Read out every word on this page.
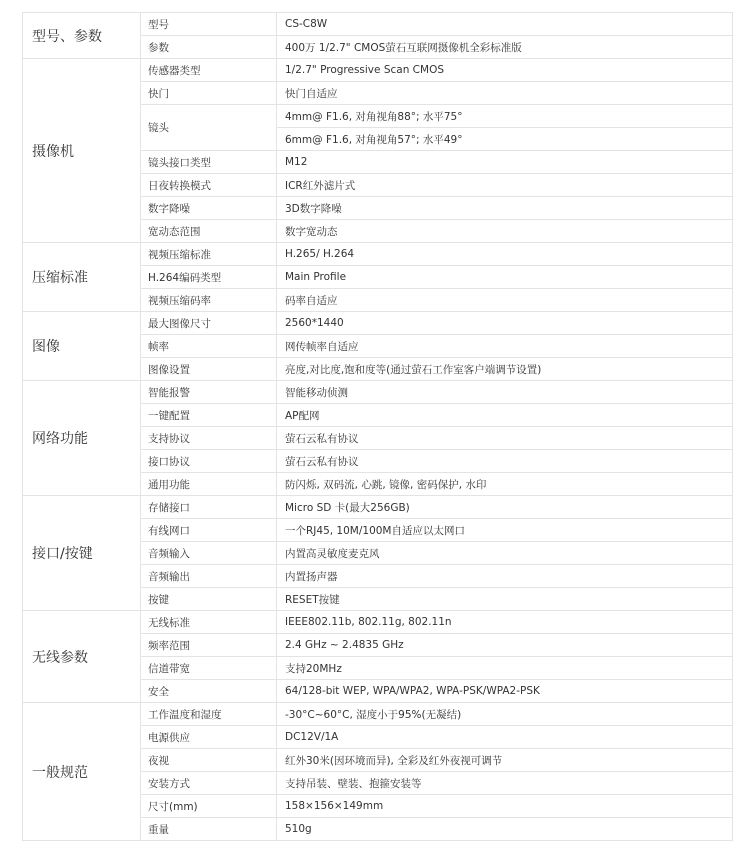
型号、参数	型号	CS-C8W
	参数	400万 1/2.7" CMOS萤石互联网摄像机全彩标准版
摄像机	传感器类型	1/2.7" Progressive Scan CMOS
	快门	快门自适应
	镜头	4mm@ F1.6, 对角视角88°; 水平75°
		6mm@ F1.6, 对角视角57°; 水平49°
	镜头接口类型	M12
	日夜转换模式	ICR红外滤片式
	数字降噪	3D数字降噪
	宽动态范围	数字宽动态
压缩标准	视频压缩标准	H.265/ H.264
	H.264编码类型	Main Profile
	视频压缩码率	码率自适应
图像	最大图像尺寸	2560*1440
	帧率	网传帧率自适应
	图像设置	亮度,对比度,饱和度等(通过萤石工作室客户端调节设置)
网络功能	智能报警	智能移动侦测
	一键配置	AP配网
	支持协议	萤石云私有协议
	接口协议	萤石云私有协议
	通用功能	防闪烁, 双码流, 心跳, 镜像, 密码保护, 水印
接口/按键	存储接口	Micro SD 卡(最大256GB)
	有线网口	一个RJ45, 10M/100M自适应以太网口
	音频输入	内置高灵敏度麦克风
	音频输出	内置扬声器
	按键	RESET按键
无线参数	无线标准	IEEE802.11b, 802.11g, 802.11n
	频率范围	2.4 GHz ~ 2.4835 GHz
	信道带宽	支持20MHz
	安全	64/128-bit WEP, WPA/WPA2, WPA-PSK/WPA2-PSK
一般规范	工作温度和湿度	-30°C~60°C, 湿度小于95%(无凝结)
	电源供应	DC12V/1A
	夜视	红外30米(因环境而异), 全彩及红外夜视可调节
	安装方式	支持吊装、壁装、抱箍安装等
	尺寸(mm)	158×156×149mm
	重量	510g
